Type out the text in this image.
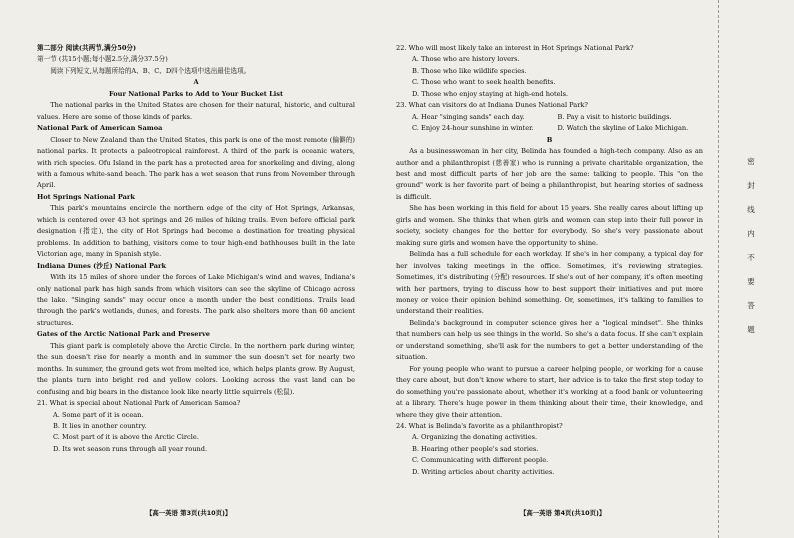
第二部分 阅读(共两节,满分50分)

第一节 (共15小题;每小题2.5分,满分37.5分)

阅读下列短文,从每题所给的A、B、C、D四个选项中选出最佳选项。

A

Four National Parks to Add to Your Bucket List

The national parks in the United States are chosen for their natural, historic, and cultural values. Here are some of those kinds of parks.

National Park of American Samoa

Closer to New Zealand than the United States, this park is one of the most remote (偏僻的) national parks. It protects a paleotropical rainforest. A third of the park is oceanic waters, with rich species. Ofu Island in the park has a protected area for snorkeling and diving, along with a famous white-sand beach. The park has a wet season that runs from November through April.

Hot Springs National Park

This park's mountains encircle the northern edge of the city of Hot Springs, Arkansas, which is centered over 43 hot springs and 26 miles of hiking trails. Even before official park designation (指定), the city of Hot Springs had become a destination for treating physical problems. In addition to bathing, visitors come to tour high-end bathhouses built in the late Victorian age, many in Spanish style.

Indiana Dunes (沙丘) National Park

With its 15 miles of shore under the forces of Lake Michigan's wind and waves, Indiana's only national park has high sands from which visitors can see the skyline of Chicago across the lake. "Singing sands" may occur once a month under the best conditions. Trails lead through the park's wetlands, dunes, and forests. The park also shelters more than 60 ancient structures.

Gates of the Arctic National Park and Preserve

This giant park is completely above the Arctic Circle. In the northern park during winter, the sun doesn't rise for nearly a month and in summer the sun doesn't set for nearly two months. In summer, the ground gets wet from melted ice, which helps plants grow. By August, the plants turn into bright red and yellow colors. Looking across the vast land can be confusing and big bears in the distance look like nearly little squirrels (松鼠).

21. What is special about National Park of American Samoa?

A. Some part of it is ocean.

B. It lies in another country.

C. Most part of it is above the Arctic Circle.

D. Its wet season runs through all year round.

22. Who will most likely take an interest in Hot Springs National Park?

A. Those who are history lovers.

B. Those who like wildlife species.

C. Those who want to seek health benefits.

D. Those who enjoy staying at high-end hotels.

23. What can visitors do at Indiana Dunes National Park?

A. Hear "singing sands" each day.	B. Pay a visit to historic buildings.

C. Enjoy 24-hour sunshine in winter.	D. Watch the skyline of Lake Michigan.

B

As a businesswoman in her city, Belinda has founded a high-tech company. Also as an author and a philanthropist (慈善家) who is running a private charitable organization, the best and most difficult parts of her job are the same: talking to people. This "on the ground" work is her favorite part of being a philanthropist, but hearing stories of sadness is difficult.

She has been working in this field for about 15 years. She really cares about lifting up girls and women. She thinks that when girls and women can step into their full power in society, society changes for the better for everybody. So she's very passionate about making sure girls and women have the opportunity to shine.

Belinda has a full schedule for each workday. If she's in her company, a typical day for her involves taking meetings in the office. Sometimes, it's reviewing strategies. Sometimes, it's distributing (分配) resources. If she's out of her company, it's often meeting with her partners, trying to discuss how to best support their initiatives and put more money or voice their opinion behind something. Or, sometimes, it's talking to families to understand their realities.

Belinda's background in computer science gives her a "logical mindset". She thinks that numbers can help us see things in the world. So she's a data focus. If she can't explain or understand something, she'll ask for the numbers to get a better understanding of the situation.

For young people who want to pursue a career helping people, or working for a cause they care about, but don't know where to start, her advice is to take the first step today to do something you're passionate about, whether it's working at a food bank or volunteering at a library. There's huge power in them thinking about their time, their knowledge, and where they give their attention.

24. What is Belinda's favorite as a philanthropist?

A. Organizing the donating activities.

B. Hearing other people's sad stories.

C. Communicating with different people.

D. Writing articles about charity activities.

【高一英语 第3页(共10页)】	【高一英语 第4页(共10页)】
密
封
线
内
不
要
答
题
